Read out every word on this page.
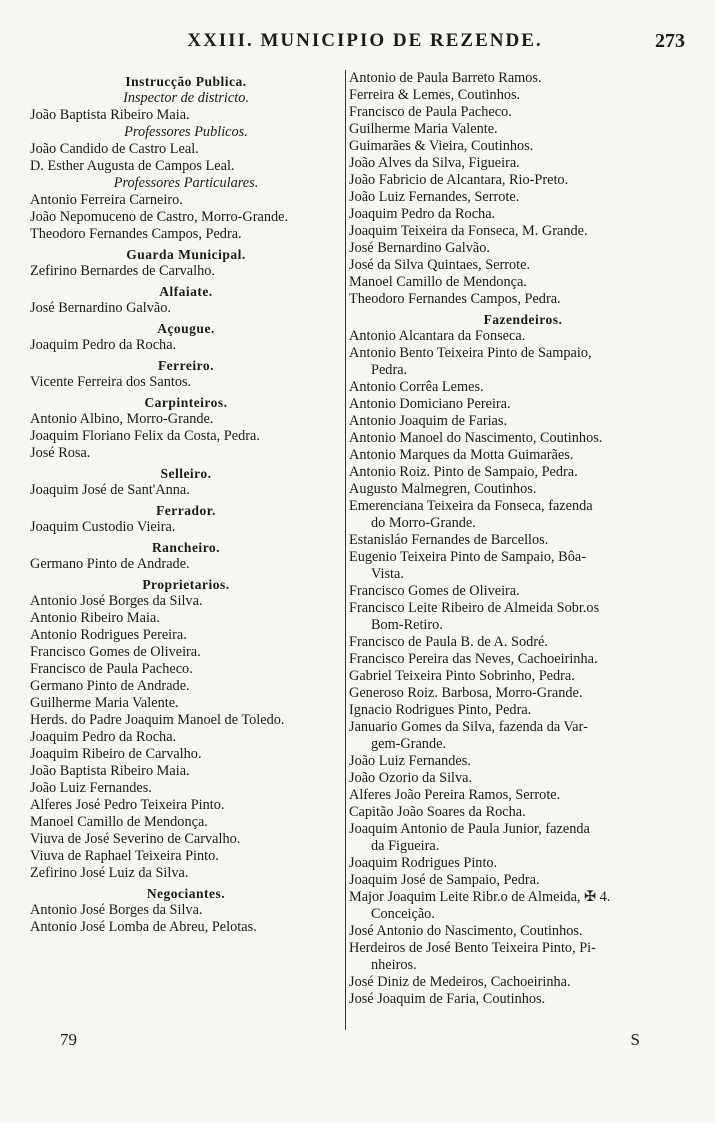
XXIII. MUNICIPIO DE REZENDE.	273
Instrucção Publica.
Inspector de districto.
João Baptista Ribeiro Maia.
Professores Publicos.
João Candido de Castro Leal.
D. Esther Augusta de Campos Leal.
Professores Particulares.
Antonio Ferreira Carneiro.
João Nepomuceno de Castro, Morro-Grande.
Theodoro Fernandes Campos, Pedra.
Guarda Municipal.
Zefirino Bernardes de Carvalho.
Alfaiate.
José Bernardino Galvão.
Açougue.
Joaquim Pedro da Rocha.
Ferreiro.
Vicente Ferreira dos Santos.
Carpinteiros.
Antonio Albino, Morro-Grande.
Joaquim Floriano Felix da Costa, Pedra.
José Rosa.
Selleiro.
Joaquim José de Sant'Anna.
Ferrador.
Joaquim Custodio Vieira.
Rancheiro.
Germano Pinto de Andrade.
Proprietarios.
Antonio José Borges da Silva.
Antonio Ribeiro Maia.
Antonio Rodrigues Pereira.
Francisco Gomes de Oliveira.
Francisco de Paula Pacheco.
Germano Pinto de Andrade.
Guilherme Maria Valente.
Herds. do Padre Joaquim Manoel de Toledo.
Joaquim Pedro da Rocha.
Joaquim Ribeiro de Carvalho.
João Baptista Ribeiro Maia.
João Luiz Fernandes.
Alferes José Pedro Teixeira Pinto.
Manoel Camillo de Mendonça.
Viuva de José Severino de Carvalho.
Viuva de Raphael Teixeira Pinto.
Zefirino José Luiz da Silva.
Negociantes.
Antonio José Borges da Silva.
Antonio José Lomba de Abreu, Pelotas.
Antonio de Paula Barreto Ramos.
Ferreira & Lemes, Coutinhos.
Francisco de Paula Pacheco.
Guilherme Maria Valente.
Guimarães & Vieira, Coutinhos.
João Alves da Silva, Figueira.
João Fabricio de Alcantara, Rio-Preto.
João Luiz Fernandes, Serrote.
Joaquim Pedro da Rocha.
Joaquim Teixeira da Fonseca, M. Grande.
José Bernardino Galvão.
José da Silva Quintaes, Serrote.
Manoel Camillo de Mendonça.
Theodoro Fernandes Campos, Pedra.
Fazendeiros.
Antonio Alcantara da Fonseca.
Antonio Bento Teixeira Pinto de Sampaio,
Pedra.
Antonio Corrêa Lemes.
Antonio Domiciano Pereira.
Antonio Joaquim de Farias.
Antonio Manoel do Nascimento, Coutinhos.
Antonio Marques da Motta Guimarães.
Antonio Roiz. Pinto de Sampaio, Pedra.
Augusto Malmegren, Coutinhos.
Emerenciana Teixeira da Fonseca, fazenda
do Morro-Grande.
Estanisláo Fernandes de Barcellos.
Eugenio Teixeira Pinto de Sampaio, Bôa-
Vista.
Francisco Gomes de Oliveira.
Francisco Leite Ribeiro de Almeida Sobr.os
Bom-Retiro.
Francisco de Paula B. de A. Sodré.
Francisco Pereira das Neves, Cachoeirinha.
Gabriel Teixeira Pinto Sobrinho, Pedra.
Generoso Roiz. Barbosa, Morro-Grande.
Ignacio Rodrigues Pinto, Pedra.
Januario Gomes da Silva, fazenda da Var-
gem-Grande.
João Luiz Fernandes.
João Ozorio da Silva.
Alferes João Pereira Ramos, Serrote.
Capitão João Soares da Rocha.
Joaquim Antonio de Paula Junior, fazenda
da Figueira.
Joaquim Rodrigues Pinto.
Joaquim José de Sampaio, Pedra.
Major Joaquim Leite Ribr.o de Almeida, ✠ 4.
Conceição.
José Antonio do Nascimento, Coutinhos.
Herdeiros de José Bento Teixeira Pinto, Pi-
nheiros.
José Diniz de Medeiros, Cachoeirinha.
José Joaquim de Faria, Coutinhos.
79	S
